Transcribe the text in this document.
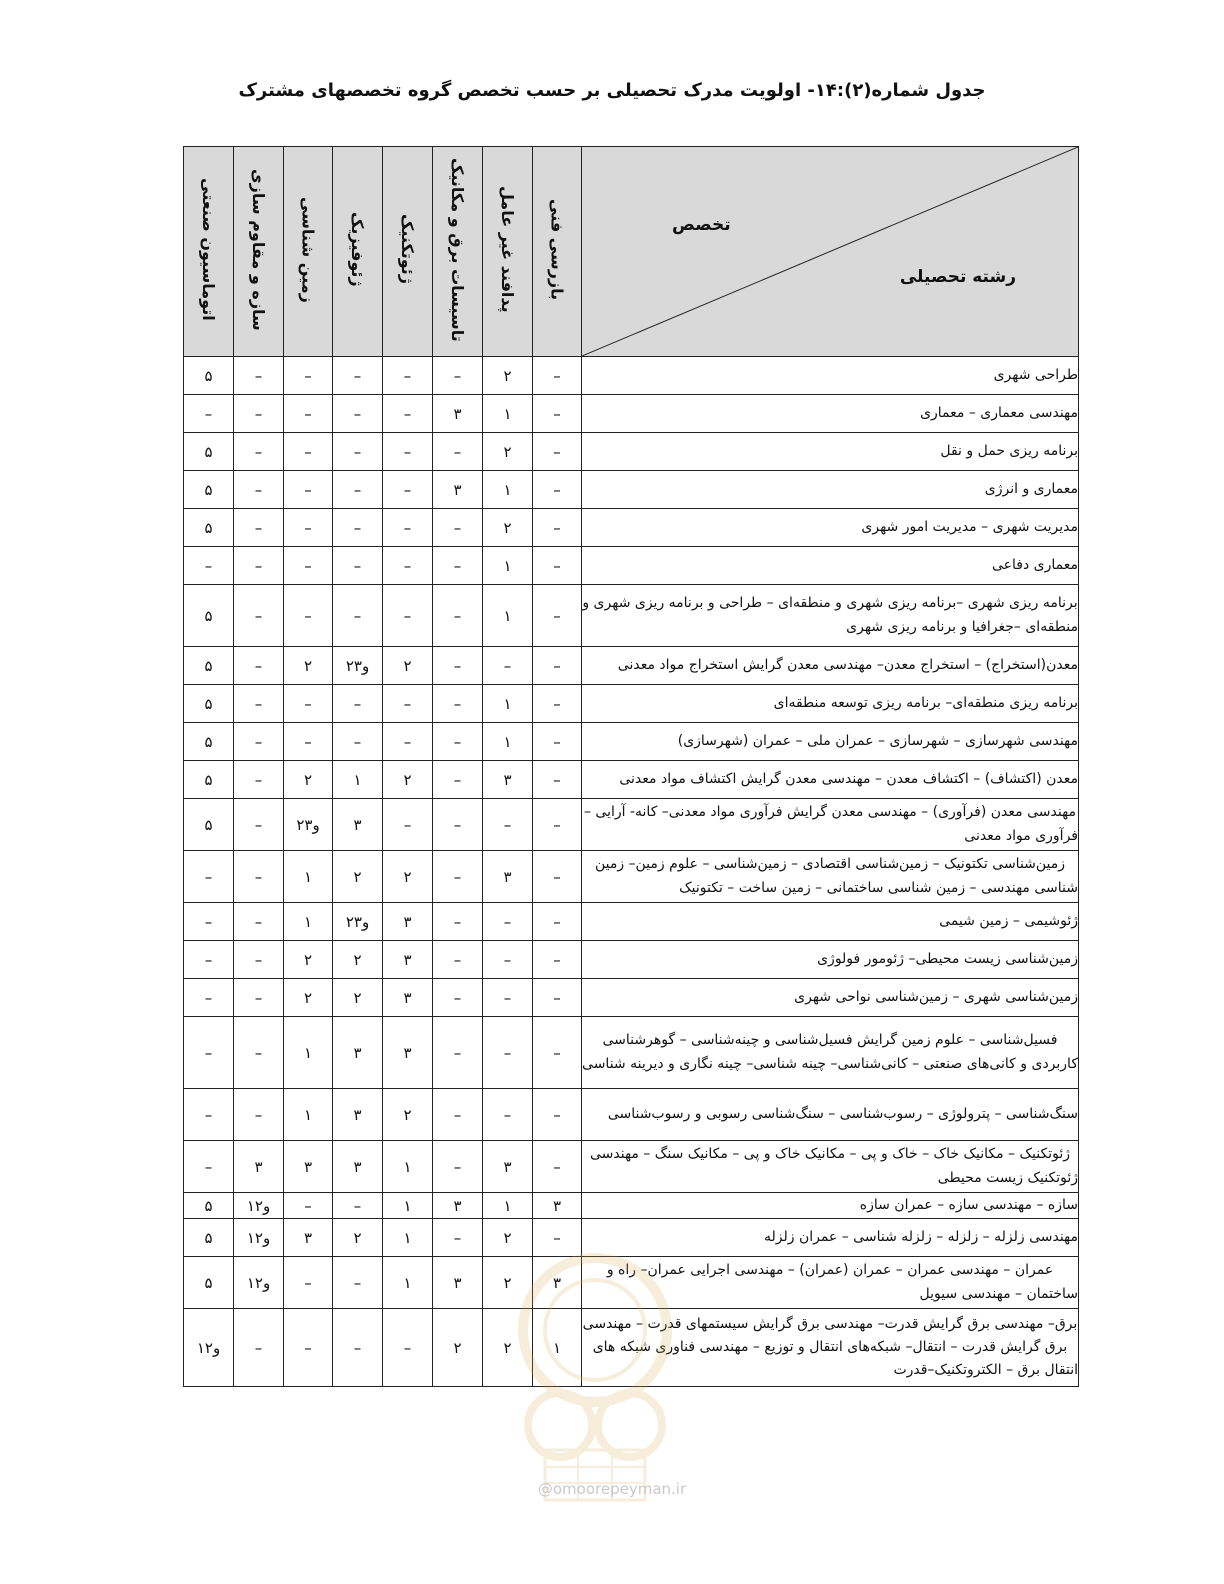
جدول شماره(۲):۱۴- اولویت مدرک تحصیلی بر حسب تخصص گروه تخصصهای مشترک
اتوماسیون صنعتی	سازه و مقاوم سازی	زمین شناسی	ژئوفیزیک	ژئوتکنیک	تاسیسات برق و مکانیک	پدافند غیر عامل	بازرسی فنی	تخصص
رشته تحصیلی

۵	–	–	–	–	–	۲	–	طراحی شهری
–	–	–	–	–	۳	۱	–	مهندسی معماری – معماری
۵	–	–	–	–	–	۲	–	برنامه ریزی حمل و نقل
۵	–	–	–	–	۳	۱	–	معماری و انرژی
۵	–	–	–	–	–	۲	–	مدیریت شهری – مدیریت امور شهری
–	–	–	–	–	–	۱	–	معماری دفاعی
۵	–	–	–	–	–	۱	–	برنامه ریزی شهری –برنامه ریزی شهری و منطقه‌ای – طراحی و برنامه ریزی شهری و منطقه‌ای –جغرافیا و برنامه ریزی شهری
۵	–	۲	۲و۳	۲	–	–	–	معدن(استخراج) – استخراج معدن– مهندسی معدن گرایش استخراج مواد معدنی
۵	–	–	–	–	–	۱	–	برنامه ریزی منطقه‌ای– برنامه ریزی توسعه منطقه‌ای
۵	–	–	–	–	–	۱	–	مهندسی شهرسازی – شهرسازی – عمران ملی – عمران (شهرسازی)
۵	–	۲	۱	۲	–	۳	–	معدن (اکتشاف) – اکتشاف معدن – مهندسی معدن گرایش اکتشاف مواد معدنی
۵	–	۲و۳	۳	–	–	–	–	مهندسی معدن (فرآوری) – مهندسی معدن گرایش فرآوری مواد معدنی– کانه- آرایی – فرآوری مواد معدنی
–	–	۱	۲	۲	–	۳	–	زمین‌شناسی تکتونیک – زمین‌شناسی اقتصادی – زمین‌شناسی – علوم زمین– زمین شناسی مهندسی – زمین شناسی ساختمانی – زمین ساخت – تکتونیک
–	–	۱	۲و۳	۳	–	–	–	ژئوشیمی – زمین شیمی
–	–	۲	۲	۳	–	–	–	زمین‌شناسی زیست محیطی– ژئومور فولوژی
–	–	۲	۲	۳	–	–	–	زمین‌شناسی شهری – زمین‌شناسی نواحی شهری
–	–	۱	۳	۳	–	–	–	فسیل‌شناسی – علوم زمین گرایش فسیل‌شناسی و چینه‌شناسی – گوهرشناسی کاربردی و کانی‌های صنعتی – کانی‌شناسی– چینه شناسی– چینه نگاری و دیرینه شناسی
–	–	۱	۳	۲	–	–	–	سنگ‌شناسی – پترولوژی – رسوب‌شناسی – سنگ‌شناسی رسوبی و رسوب‌شناسی
–	۳	۳	۳	۱	–	۳	–	ژئوتکنیک – مکانیک خاک – خاک و پی – مکانیک خاک و پی – مکانیک سنگ – مهندسی ژئوتکنیک زیست محیطی
۵	۱و۲	–	–	۱	۳	۱	۳	سازه – مهندسی سازه – عمران سازه
۵	۱و۲	۳	۲	۱	–	۲	–	مهندسی زلزله – زلزله – زلزله شناسی – عمران زلزله
۵	۱و۲	–	–	۱	۳	۲	۳	عمران – مهندسی عمران – عمران (عمران) – مهندسی اجرایی عمران– راه و ساختمان – مهندسی سیویل
۱و۲	–	–	–	–	۲	۲	۱	برق– مهندسی برق گرایش قدرت– مهندسی برق گرایش سیستمهای قدرت – مهندسی برق گرایش قدرت – انتقال– شبکه‌های انتقال و توزیع – مهندسی فناوری شبکه های انتقال برق – الکتروتکنیک–قدرت
@omoorepeyman.ir
